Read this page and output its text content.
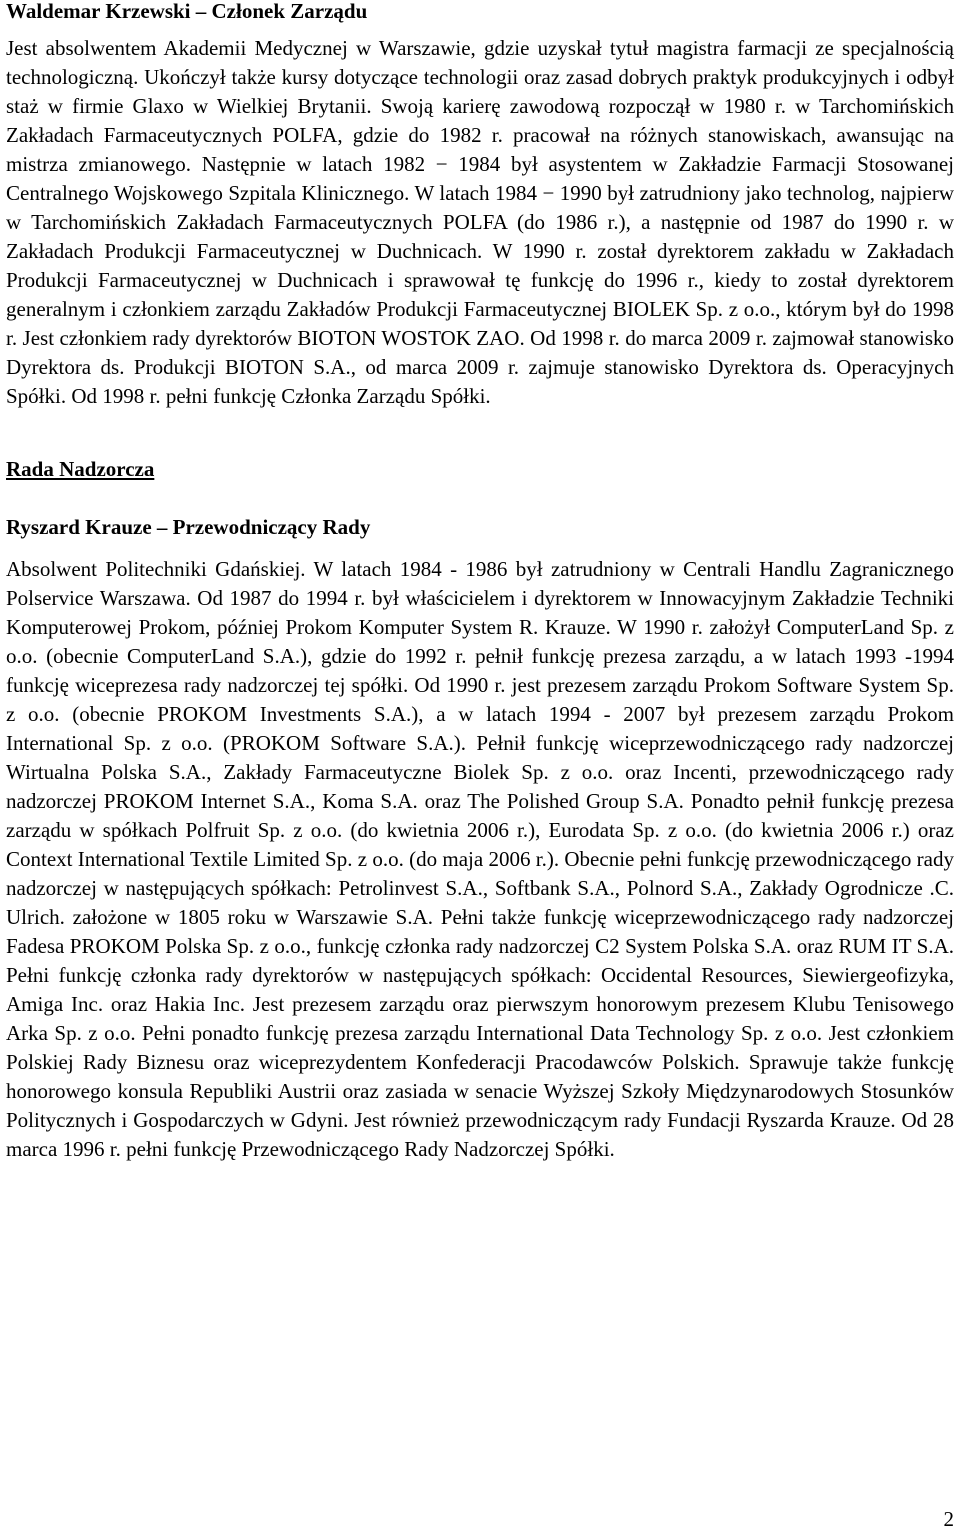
Waldemar Krzewski – Członek Zarządu

Jest absolwentem Akademii Medycznej w Warszawie, gdzie uzyskał tytuł magistra farmacji ze specjalnością technologiczną. Ukończył także kursy dotyczące technologii oraz zasad dobrych praktyk produkcyjnych i odbył staż w firmie Glaxo w Wielkiej Brytanii. Swoją karierę zawodową rozpoczął w 1980 r. w Tarchomińskich Zakładach Farmaceutycznych POLFA, gdzie do 1982 r. pracował na różnych stanowiskach, awansując na mistrza zmianowego. Następnie w latach 1982 − 1984 był asystentem w Zakładzie Farmacji Stosowanej Centralnego Wojskowego Szpitala Klinicznego. W latach 1984 − 1990 był zatrudniony jako technolog, najpierw w Tarchomińskich Zakładach Farmaceutycznych POLFA (do 1986 r.), a następnie od 1987 do 1990 r. w Zakładach Produkcji Farmaceutycznej w Duchnicach. W 1990 r. został dyrektorem zakładu w Zakładach Produkcji Farmaceutycznej w Duchnicach i sprawował tę funkcję do 1996 r., kiedy to został dyrektorem generalnym i członkiem zarządu Zakładów Produkcji Farmaceutycznej BIOLEK Sp. z o.o., którym był do 1998 r. Jest członkiem rady dyrektorów BIOTON WOSTOK ZAO. Od 1998 r. do marca 2009 r. zajmował stanowisko Dyrektora ds. Produkcji BIOTON S.A., od marca 2009 r. zajmuje stanowisko Dyrektora ds. Operacyjnych Spółki. Od 1998 r. pełni funkcję Członka Zarządu Spółki.

Rada Nadzorcza

Ryszard Krauze – Przewodniczący Rady

Absolwent Politechniki Gdańskiej. W latach 1984 - 1986 był zatrudniony w Centrali Handlu Zagranicznego Polservice Warszawa. Od 1987 do 1994 r. był właścicielem i dyrektorem w Innowacyjnym Zakładzie Techniki Komputerowej Prokom, później Prokom Komputer System R. Krauze. W 1990 r. założył ComputerLand Sp. z o.o. (obecnie ComputerLand S.A.), gdzie do 1992 r. pełnił funkcję prezesa zarządu, a w latach 1993 -1994 funkcję wiceprezesa rady nadzorczej tej spółki. Od 1990 r. jest prezesem zarządu Prokom Software System Sp. z o.o. (obecnie PROKOM Investments S.A.), a w latach 1994 - 2007 był prezesem zarządu Prokom International Sp. z o.o. (PROKOM Software S.A.). Pełnił funkcję wiceprzewodniczącego rady nadzorczej Wirtualna Polska S.A., Zakłady Farmaceutyczne Biolek Sp. z o.o. oraz Incenti, przewodniczącego rady nadzorczej PROKOM Internet S.A., Koma S.A. oraz The Polished Group S.A. Ponadto pełnił funkcję prezesa zarządu w spółkach Polfruit Sp. z o.o. (do kwietnia 2006 r.), Eurodata Sp. z o.o. (do kwietnia 2006 r.) oraz Context International Textile Limited Sp. z o.o. (do maja 2006 r.). Obecnie pełni funkcję przewodniczącego rady nadzorczej w następujących spółkach: Petrolinvest S.A., Softbank S.A., Polnord S.A., Zakłady Ogrodnicze .C. Ulrich. założone w 1805 roku w Warszawie S.A. Pełni także funkcję wiceprzewodniczącego rady nadzorczej Fadesa PROKOM Polska Sp. z o.o., funkcję członka rady nadzorczej C2 System Polska S.A. oraz RUM IT S.A. Pełni funkcję członka rady dyrektorów w następujących spółkach: Occidental Resources, Siewiergeofizyka, Amiga Inc. oraz Hakia Inc. Jest prezesem zarządu oraz pierwszym honorowym prezesem Klubu Tenisowego Arka Sp. z o.o. Pełni ponadto funkcję prezesa zarządu International Data Technology Sp. z o.o. Jest członkiem Polskiej Rady Biznesu oraz wiceprezydentem Konfederacji Pracodawców Polskich. Sprawuje także funkcję honorowego konsula Republiki Austrii oraz zasiada w senacie Wyższej Szkoły Międzynarodowych Stosunków Politycznych i Gospodarczych w Gdyni. Jest również przewodniczącym rady Fundacji Ryszarda Krauze. Od 28 marca 1996 r. pełni funkcję Przewodniczącego Rady Nadzorczej Spółki.

2
